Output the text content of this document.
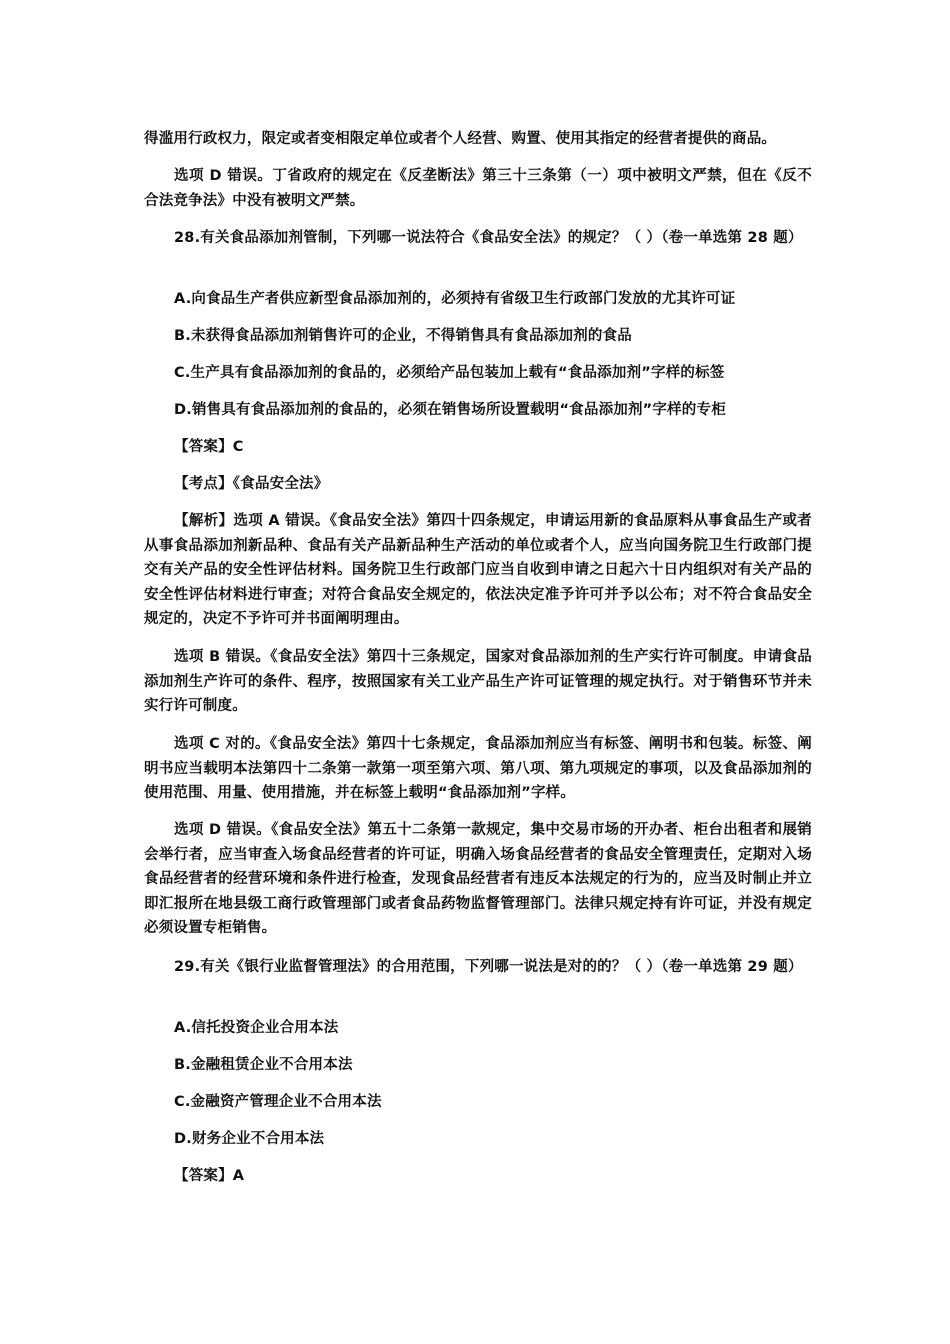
得滥用行政权力，限定或者变相限定单位或者个人经营、购置、使用其指定的经营者提供的商品。

选项 D 错误。丁省政府的规定在《反垄断法》第三十三条第（一）项中被明文严禁，但在《反不合法竞争法》中没有被明文严禁。

28.有关食品添加剂管制，下列哪一说法符合《食品安全法》的规定？（ ）（卷一单选第 28 题）

A.向食品生产者供应新型食品添加剂的，必须持有省级卫生行政部门发放的尤其许可证

B.未获得食品添加剂销售许可的企业，不得销售具有食品添加剂的食品

C.生产具有食品添加剂的食品的，必须给产品包装加上载有“食品添加剂”字样的标签

D.销售具有食品添加剂的食品的，必须在销售场所设置载明“食品添加剂”字样的专柜

【答案】C

【考点】《食品安全法》

【解析】选项 A 错误。《食品安全法》第四十四条规定，申请运用新的食品原料从事食品生产或者从事食品添加剂新品种、食品有关产品新品种生产活动的单位或者个人，应当向国务院卫生行政部门提交有关产品的安全性评估材料。国务院卫生行政部门应当自收到申请之日起六十日内组织对有关产品的安全性评估材料进行审查；对符合食品安全规定的，依法决定准予许可并予以公布；对不符合食品安全规定的，决定不予许可并书面阐明理由。

选项 B 错误。《食品安全法》第四十三条规定，国家对食品添加剂的生产实行许可制度。申请食品添加剂生产许可的条件、程序，按照国家有关工业产品生产许可证管理的规定执行。对于销售环节并未实行许可制度。

选项 C 对的。《食品安全法》第四十七条规定，食品添加剂应当有标签、阐明书和包装。标签、阐明书应当载明本法第四十二条第一款第一项至第六项、第八项、第九项规定的事项，以及食品添加剂的使用范围、用量、使用措施，并在标签上载明“食品添加剂”字样。

选项 D 错误。《食品安全法》第五十二条第一款规定，集中交易市场的开办者、柜台出租者和展销会举行者，应当审查入场食品经营者的许可证，明确入场食品经营者的食品安全管理责任，定期对入场食品经营者的经营环境和条件进行检查，发现食品经营者有违反本法规定的行为的，应当及时制止并立即汇报所在地县级工商行政管理部门或者食品药物监督管理部门。法律只规定持有许可证，并没有规定必须设置专柜销售。

29.有关《银行业监督管理法》的合用范围，下列哪一说法是对的的？（ ）（卷一单选第 29 题）

A.信托投资企业合用本法

B.金融租赁企业不合用本法

C.金融资产管理企业不合用本法

D.财务企业不合用本法

【答案】A
